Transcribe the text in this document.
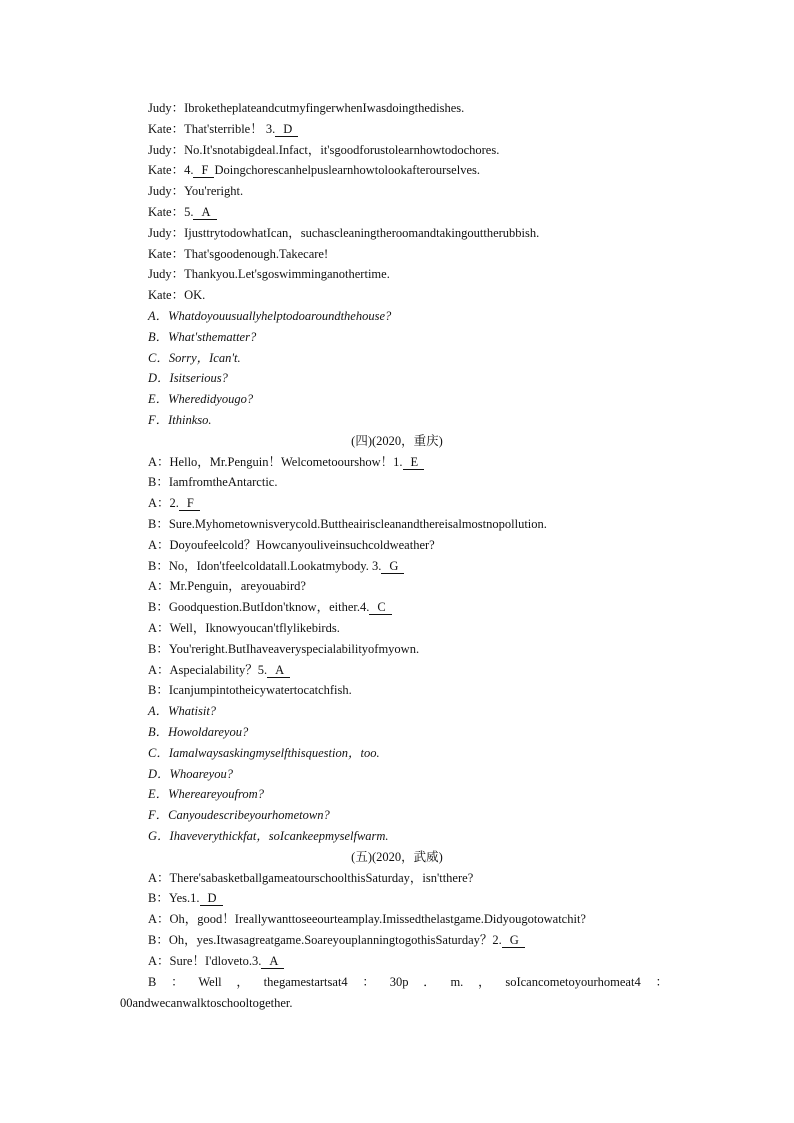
Judy：IbroketheplateandcutmyfingerwhenIwasdoingthedishes.
Kate：That'sterrible！ 3. D
Judy：No.It'snotabigdeal.Infact，it'sgoodforustolearnhowtodochores.
Kate：4. F Doingchorescanhelpuslearnhowtolookafterourselves.
Judy：You'reright.
Kate：5. A
Judy：IjusttrytodowhatIcan，suchascleaningtheroomandtakingouttherubbish.
Kate：That'sgoodenough.Takecare!
Judy：Thankyou.Let'sgoswimminganothertime.
Kate：OK.
A．Whatdoyouusuallyhelptodoaroundthehouse?
B．What'sthematter?
C．Sorry，Ican't.
D．Isitserious?
E．Wheredidyougo?
F．Ithinkso.
(四)(2020，重庆)
A：Hello，Mr.Penguin！Welcometoourshow！1. E
B：IamfromtheAntarctic.
A：2. F
B：Sure.Myhometownisverycold.Buttheairiscleanandthereisalmostnopollution.
A：Doyoufeelcold？Howcanyouliveinsuchcoldweather?
B：No，Idon'tfeelcoldatall.Lookatmybody. 3. G
A：Mr.Penguin，areyouabird?
B：Goodquestion.ButIdon'tknow，either.4. C
A：Well，Iknowyoucan'tflylikebirds.
B：You'reright.ButIhaveaveryspecialabilityofmyown.
A：Aspecialability？5. A
B：Icanjumpintotheicywatertocatchfish.
A．Whatisit?
B．Howoldareyou?
C．Iamalwaysaskingmyselfthisquestion，too.
D．Whoareyou?
E．Whereareyoufrom?
F．Canyoudescribeyourhometown?
G．Ihaveverythickfat，soIcankeepmyselfwarm.
(五)(2020，武威)
A：There'sabasketballgameatourschoolthisSaturday，isn'tthere?
B：Yes.1. D
A：Oh，good！Ireallywanttoseeourteamplay.Imissedthelastgame.Didyougotowatchit?
B：Oh，yes.Itwasagreatgame.SoareyouplanningtogothisSaturday？2. G
A：Sure！I'dloveto.3. A
B ： Well ， thegamestartsat4 ： 30p ． m. ， soIcancometoyourhomeat4 ：
00andwecanwalktoschooltogether.
